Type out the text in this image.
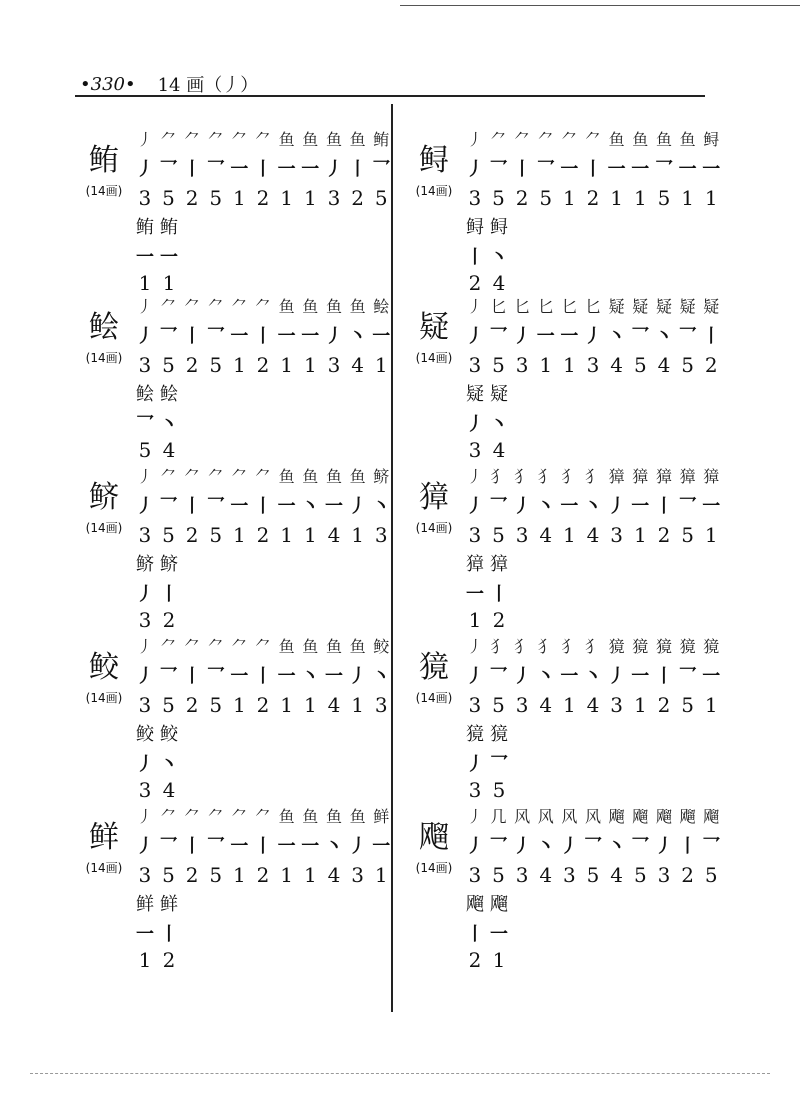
•330• 14 画（丿）
鲔
(14画)
丿 ⺈ ⺈ ⺈ ⺈ ⺈ 鱼 鱼 鱼 鱼 鲔
丿 乛 丨 乛 一 丨 一 一 丿 丨 乛
3 5 2 5 1 2 1 1 3 2 5
鲔 鲔
一 一
1 1
鲙
(14画)
丿 ⺈ ⺈ ⺈ ⺈ ⺈ 鱼 鱼 鱼 鱼 鲙
丿 乛 丨 乛 一 丨 一 一 丿 丶 一
3 5 2 5 1 2 1 1 3 4 1
鲙 鲙
乛 丶
5 4
鲚
(14画)
丿 ⺈ ⺈ ⺈ ⺈ ⺈ 鱼 鱼 鱼 鱼 鲚
丿 乛 丨 乛 一 丨 一 丶 一 丿 丶
3 5 2 5 1 2 1 1 4 1 3
鲚 鲚
丿 丨
3 2
鲛
(14画)
丿 ⺈ ⺈ ⺈ ⺈ ⺈ 鱼 鱼 鱼 鱼 鲛
丿 乛 丨 乛 一 丨 一 丶 一 丿 丶
3 5 2 5 1 2 1 1 4 1 3
鲛 鲛
丿 丶
3 4
鲜
(14画)
丿 ⺈ ⺈ ⺈ ⺈ ⺈ 鱼 鱼 鱼 鱼 鲜
丿 乛 丨 乛 一 丨 一 一 丶 丿 一
3 5 2 5 1 2 1 1 4 3 1
鲜 鲜
一 丨
1 2
鲟
(14画)
丿 ⺈ ⺈ ⺈ ⺈ ⺈ 鱼 鱼 鱼 鱼 鲟
丿 乛 丨 乛 一 丨 一 一 乛 一 一
3 5 2 5 1 2 1 1 5 1 1
鲟 鲟
丨 丶
2 4
疑
(14画)
丿 匕 匕 匕 匕 匕 疑 疑 疑 疑 疑
丿 乛 丿 一 一 丿 丶 乛 丶 乛 丨
3 5 3 1 1 3 4 5 4 5 2
疑 疑
丿 丶
3 4
獐
(14画)
丿 犭 犭 犭 犭 犭 獐 獐 獐 獐 獐
丿 乛 丿 丶 一 丶 丿 一 丨 乛 一
3 5 3 4 1 4 3 1 2 5 1
獐 獐
一 丨
1 2
獍
(14画)
丿 犭 犭 犭 犭 犭 獍 獍 獍 獍 獍
丿 乛 丿 丶 一 丶 丿 一 丨 乛 一
3 5 3 4 1 4 3 1 2 5 1
獍 獍
丿 乛
3 5
飗
(14画)
丿 几 风 风 风 风 飗 飗 飗 飗 飗
丿 乛 丿 丶 丿 乛 丶 乛 丿 丨 乛
3 5 3 4 3 5 4 5 3 2 5
飗 飗
丨 一
2 1
